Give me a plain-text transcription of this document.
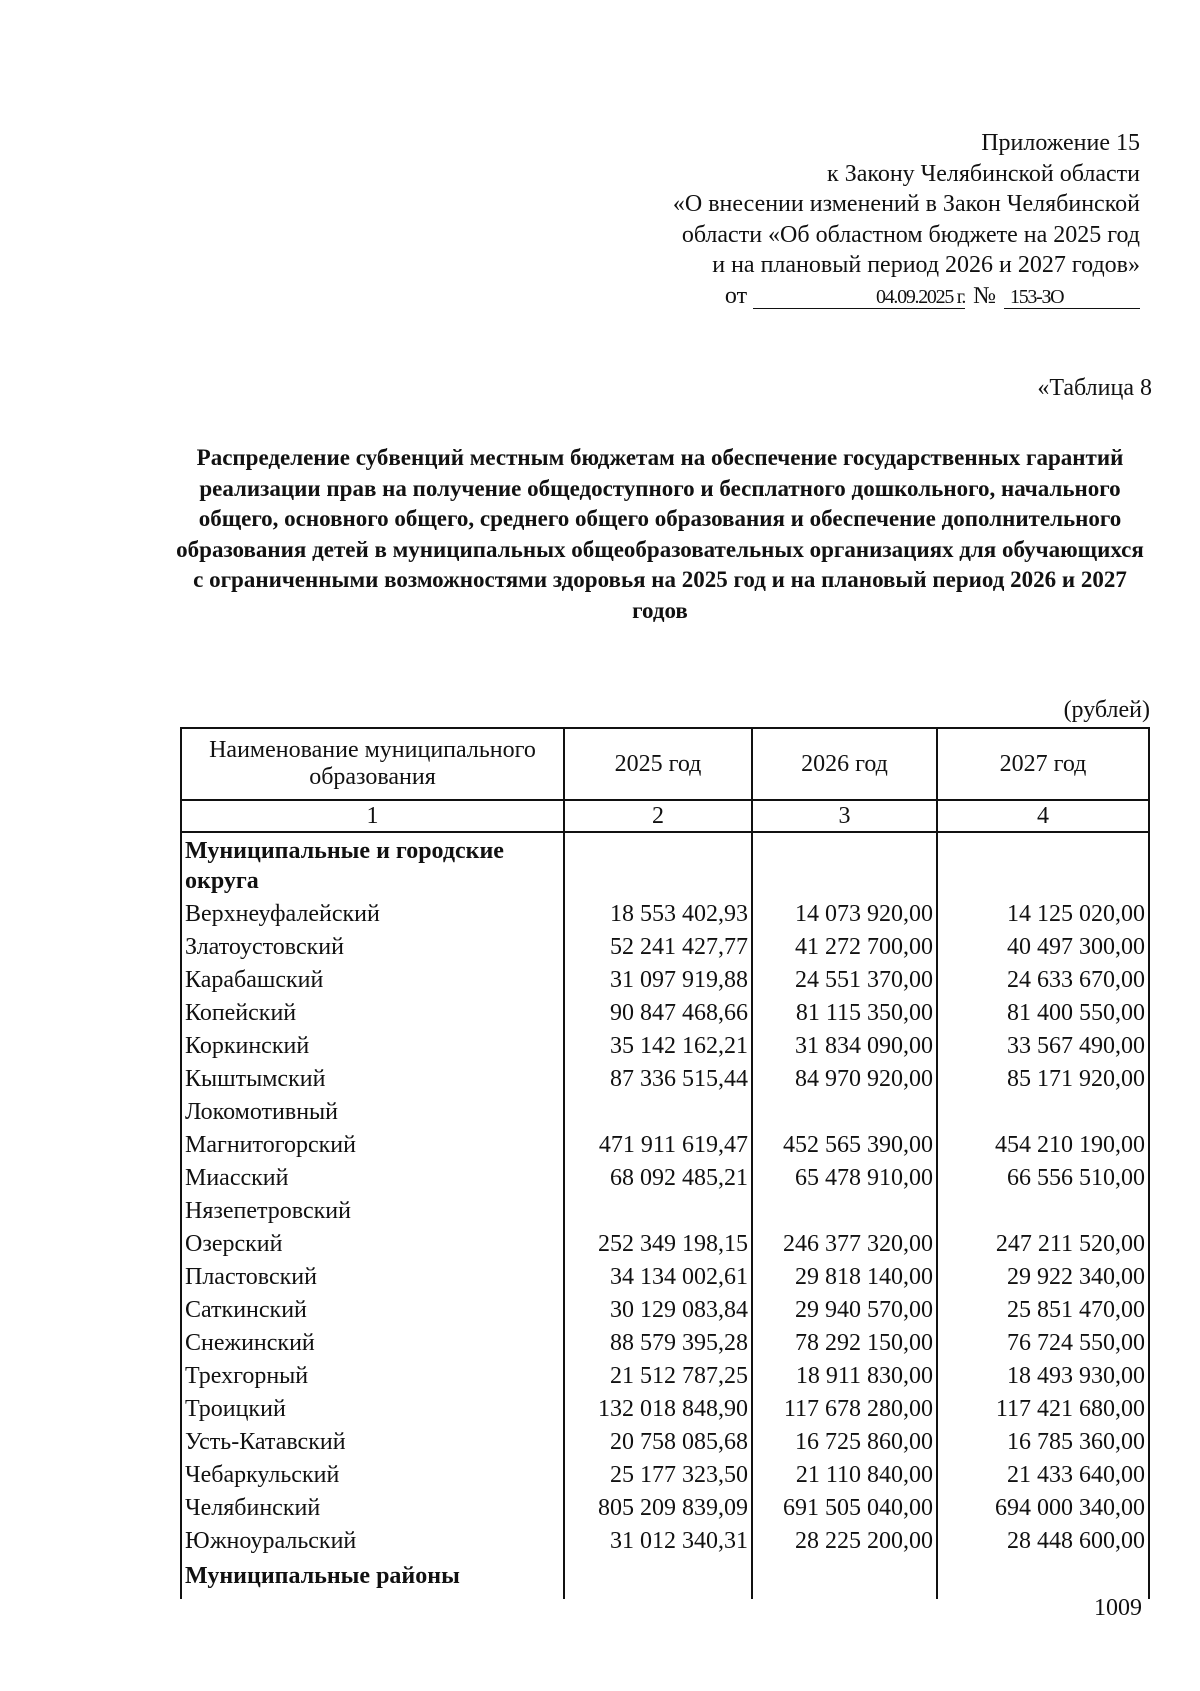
Приложение 15
к Закону Челябинской области
«О внесении изменений в Закон Челябинской
области «Об областном бюджете на 2025 год
и на плановый период 2026 и 2027 годов»
от	04.09.2025 г. № 153-ЗО
«Таблица 8
Распределение субвенций местным бюджетам на обеспечение государственных гарантий реализации прав на получение общедоступного и бесплатного дошкольного, начального общего, основного общего, среднего общего образования и обеспечение дополнительного образования детей в муниципальных общеобразовательных организациях для обучающихся с ограниченными возможностями здоровья на 2025 год и на плановый период 2026 и 2027 годов
(рублей)
Наименование муниципального образования	2025 год	2026 год	2027 год
1	2	3	4
Муниципальные и городские округа			
Верхнеуфалейский	18 553 402,93	14 073 920,00	14 125 020,00
Златоустовский	52 241 427,77	41 272 700,00	40 497 300,00
Карабашский	31 097 919,88	24 551 370,00	24 633 670,00
Копейский	90 847 468,66	81 115 350,00	81 400 550,00
Коркинский	35 142 162,21	31 834 090,00	33 567 490,00
Кыштымский	87 336 515,44	84 970 920,00	85 171 920,00
Локомотивный			
Магнитогорский	471 911 619,47	452 565 390,00	454 210 190,00
Миасский	68 092 485,21	65 478 910,00	66 556 510,00
Нязепетровский			
Озерский	252 349 198,15	246 377 320,00	247 211 520,00
Пластовский	34 134 002,61	29 818 140,00	29 922 340,00
Саткинский	30 129 083,84	29 940 570,00	25 851 470,00
Снежинский	88 579 395,28	78 292 150,00	76 724 550,00
Трехгорный	21 512 787,25	18 911 830,00	18 493 930,00
Троицкий	132 018 848,90	117 678 280,00	117 421 680,00
Усть-Катавский	20 758 085,68	16 725 860,00	16 785 360,00
Чебаркульский	25 177 323,50	21 110 840,00	21 433 640,00
Челябинский	805 209 839,09	691 505 040,00	694 000 340,00
Южноуральский	31 012 340,31	28 225 200,00	28 448 600,00
Муниципальные районы			
1009
